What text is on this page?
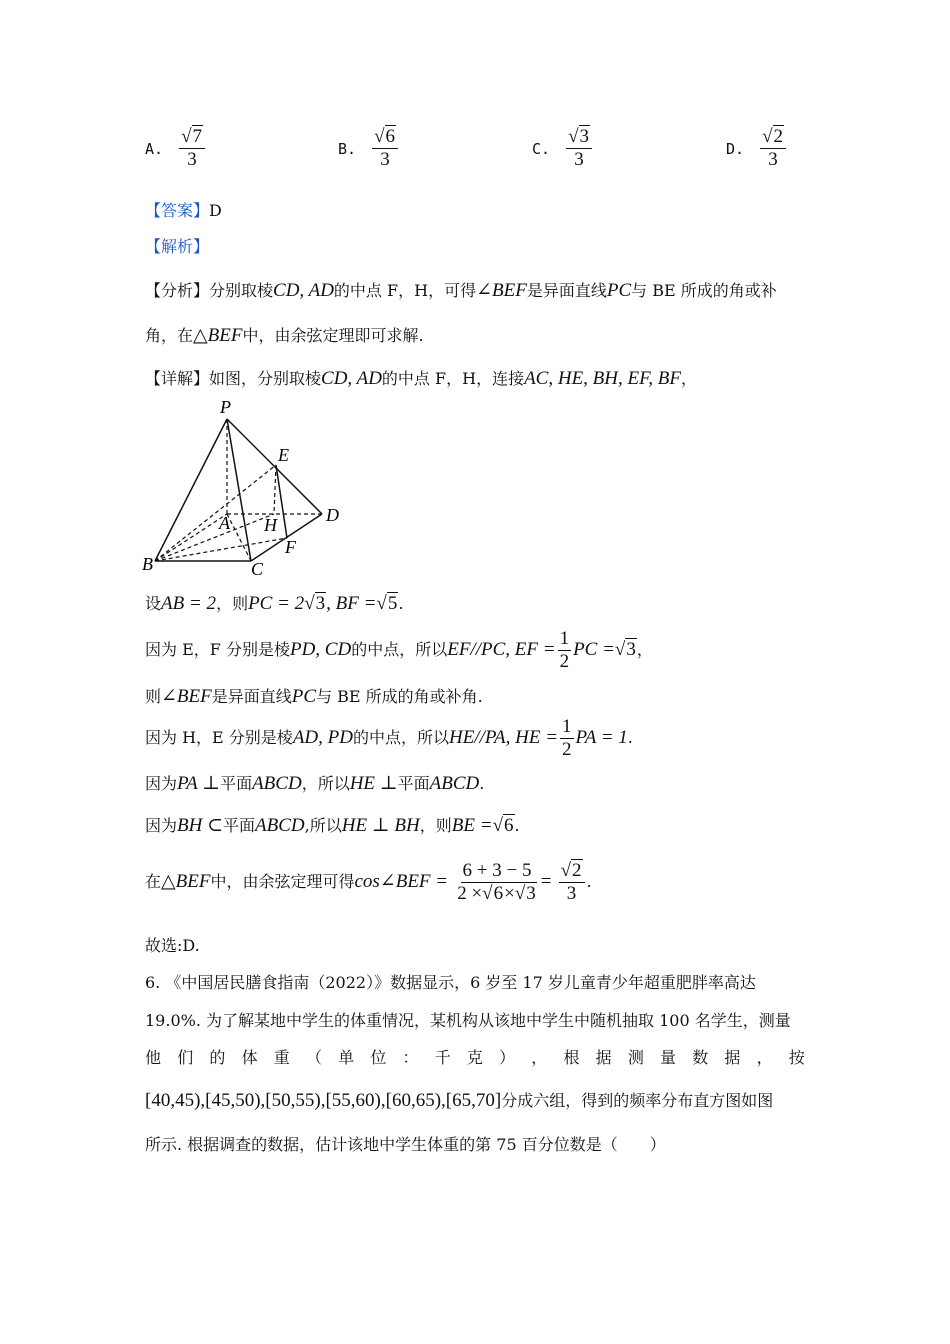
A. $\frac{√7}{3}$	B. $\frac{√6}{3}$	C. $\frac{√3}{3}$	D. $\frac{√2}{3}$
【答案】D
【解析】
【分析】分别取棱CD, AD的中点 F，H，可得∠BEF是异面直线PC与 BE 所成的角或补
角，在△BEF中，由余弦定理即可求解.
【详解】如图，分别取棱CD, AD的中点 F，H，连接AC, HE, BH, EF, BF，
P
E
D
A H
F
B	C
设AB = 2，则PC = 2√3, BF =√5.
因为 E，F 分别是棱PD, CD的中点，所以EF//PC, EF = $\frac{1}{2}$ PC =√3，
则∠BEF是异面直线PC与 BE 所成的角或补角.
因为 H，E 分别是棱AD, PD的中点，所以HE//PA, HE = $\frac{1}{2}$ PA = 1.
因为PA ⊥平面ABCD，所以HE ⊥平面ABCD.
因为BH ⊂平面ABCD,所以HE ⊥ BH，则BE =√6.
在△BEF中，由余弦定理可得cos∠BEF = $\frac{6 + 3 - 5}{2 \times√6\times√3} = \frac{√2}{3}$ .
故选:D.
6. 《中国居民膳食指南（2022）》数据显示，6 岁至 17 岁儿童青少年超重肥胖率高达
19.0%. 为了解某地中学生的体重情况，某机构从该地中学生中随机抽取 100 名学生，测量
他 们 的 体 重 （ 单 位 ： 千 克 ） ， 根 据 测 量 数 据 ， 按
[40,45),[45,50),[50,55),[55,60),[60,65),[65,70]分成六组，得到的频率分布直方图如图
所示. 根据调查的数据，估计该地中学生体重的第 75 百分位数是（　　）
